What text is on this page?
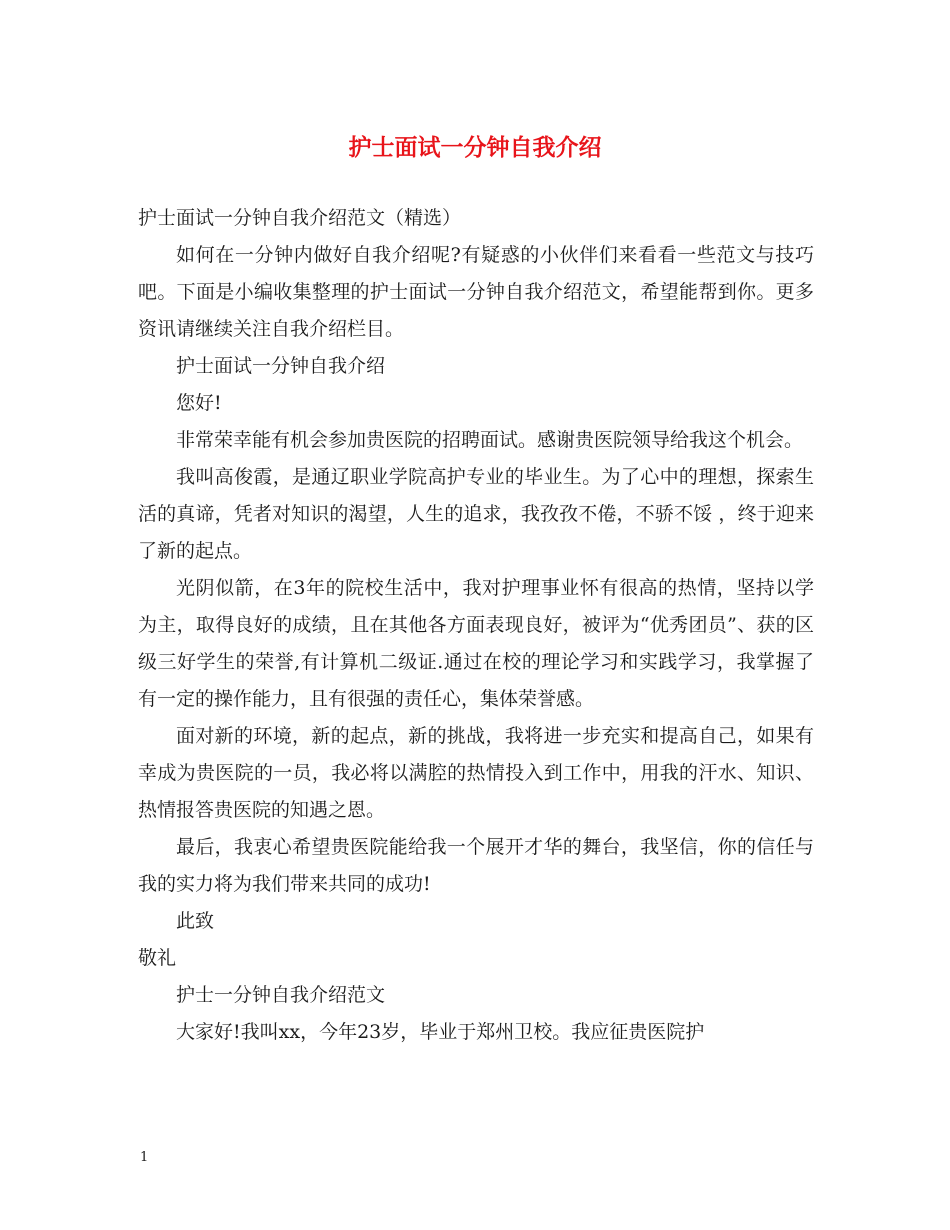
护士面试一分钟自我介绍

护士面试一分钟自我介绍范文（精选）

如何在一分钟内做好自我介绍呢?有疑惑的小伙伴们来看看一些范文与技巧吧。下面是小编收集整理的护士面试一分钟自我介绍范文，希望能帮到你。更多资讯请继续关注自我介绍栏目。

护士面试一分钟自我介绍

您好!

非常荣幸能有机会参加贵医院的招聘面试。感谢贵医院领导给我这个机会。

我叫高俊霞，是通辽职业学院高护专业的毕业生。为了心中的理想，探索生活的真谛，凭者对知识的渴望，人生的追求，我孜孜不倦，不骄不馁 ，终于迎来了新的起点。

光阴似箭，在3年的院校生活中，我对护理事业怀有很高的热情，坚持以学为主，取得良好的成绩，且在其他各方面表现良好，被评为“优秀团员”、获的区级三好学生的荣誉,有计算机二级证.通过在校的理论学习和实践学习，我掌握了有一定的操作能力，且有很强的责任心，集体荣誉感。

面对新的环境，新的起点，新的挑战，我将进一步充实和提高自己，如果有幸成为贵医院的一员，我必将以满腔的热情投入到工作中，用我的汗水、知识、热情报答贵医院的知遇之恩。

最后，我衷心希望贵医院能给我一个展开才华的舞台，我坚信，你的信任与我的实力将为我们带来共同的成功!

此致

敬礼

护士一分钟自我介绍范文

大家好!我叫xx，今年23岁，毕业于郑州卫校。我应征贵医院护

1
